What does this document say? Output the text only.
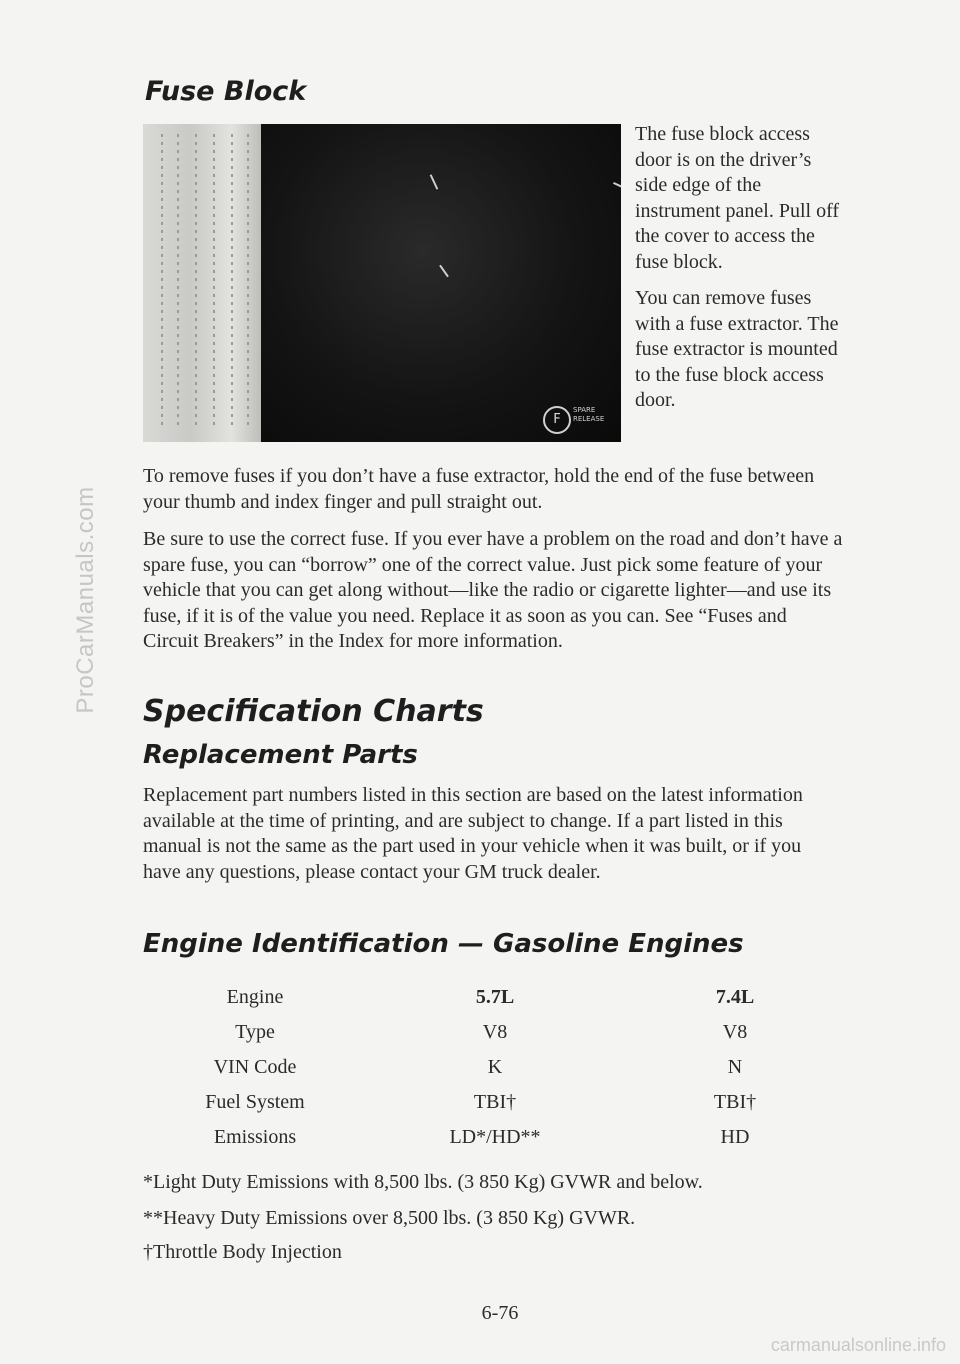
ProCarManuals.com
Fuse Block
F
SPARE RELEASE

The fuse block access door is on the driver’s side edge of the instrument panel. Pull off the cover to access the fuse block.

You can remove fuses with a fuse extractor. The fuse extractor is mounted to the fuse block access door.

To remove fuses if you don’t have a fuse extractor, hold the end of the fuse between your thumb and index finger and pull straight out.

Be sure to use the correct fuse. If you ever have a problem on the road and don’t have a spare fuse, you can “borrow” one of the correct value. Just pick some feature of your vehicle that you can get along without—like the radio or cigarette lighter—and use its fuse, if it is of the value you need. Replace it as soon as you can. See “Fuses and Circuit Breakers” in the Index for more information.

Specification Charts
Replacement Parts

Replacement part numbers listed in this section are based on the latest information available at the time of printing, and are subject to change. If a part listed in this manual is not the same as the part used in your vehicle when it was built, or if you have any questions, please contact your GM truck dealer.

Engine Identification — Gasoline Engines
Engine	5.7L	7.4L
Type	V8	V8
VIN Code	K	N
Fuel System	TBI†	TBI†
Emissions	LD*/HD**	HD

*Light Duty Emissions with 8,500 lbs. (3 850 Kg) GVWR and below.

**Heavy Duty Emissions over 8,500 lbs. (3 850 Kg) GVWR.

†Throttle Body Injection

6-76

carmanualsonline.info
